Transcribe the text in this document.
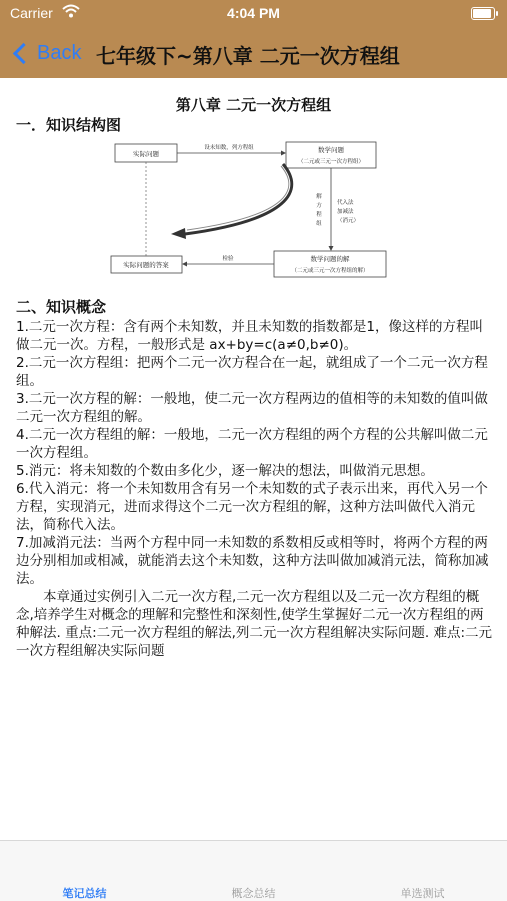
Carrier	4:04 PM
Back 七年级下~第八章 二元一次方程组
第八章 二元一次方程组
一．知识结构图
实际问题
设未知数，列方程组	数学问题
（二元或三元一次方程组）
解
方
程
组
代入法
加减法
（消元）
数学问题的解
（二元或三元一次方程组的解）
检验
实际问题的答案
二、知识概念

1.二元一次方程：含有两个未知数，并且未知数的指数都是1，像这样的方程叫做二元一次。方程，一般形式是 ax+by=c(a≠0,b≠0)。

2.二元一次方程组：把两个二元一次方程合在一起，就组成了一个二元一次方程组。

3.二元一次方程的解：一般地，使二元一次方程两边的值相等的未知数的值叫做二元一次方程组的解。

4.二元一次方程组的解：一般地，二元一次方程组的两个方程的公共解叫做二元一次方程组。

5.消元：将未知数的个数由多化少，逐一解决的想法，叫做消元思想。

6.代入消元：将一个未知数用含有另一个未知数的式子表示出来，再代入另一个方程，实现消元，进而求得这个二元一次方程组的解，这种方法叫做代入消元法，简称代入法。

7.加减消元法：当两个方程中同一未知数的系数相反或相等时，将两个方程的两边分别相加或相减，就能消去这个未知数，这种方法叫做加减消元法，简称加减法。

本章通过实例引入二元一次方程,二元一次方程组以及二元一次方程组的概念,培养学生对概念的理解和完整性和深刻性,使学生掌握好二元一次方程组的两种解法. 重点:二元一次方程组的解法,列二元一次方程组解决实际问题. 难点:二元一次方程组解决实际问题

笔记总结	概念总结	单选测试
